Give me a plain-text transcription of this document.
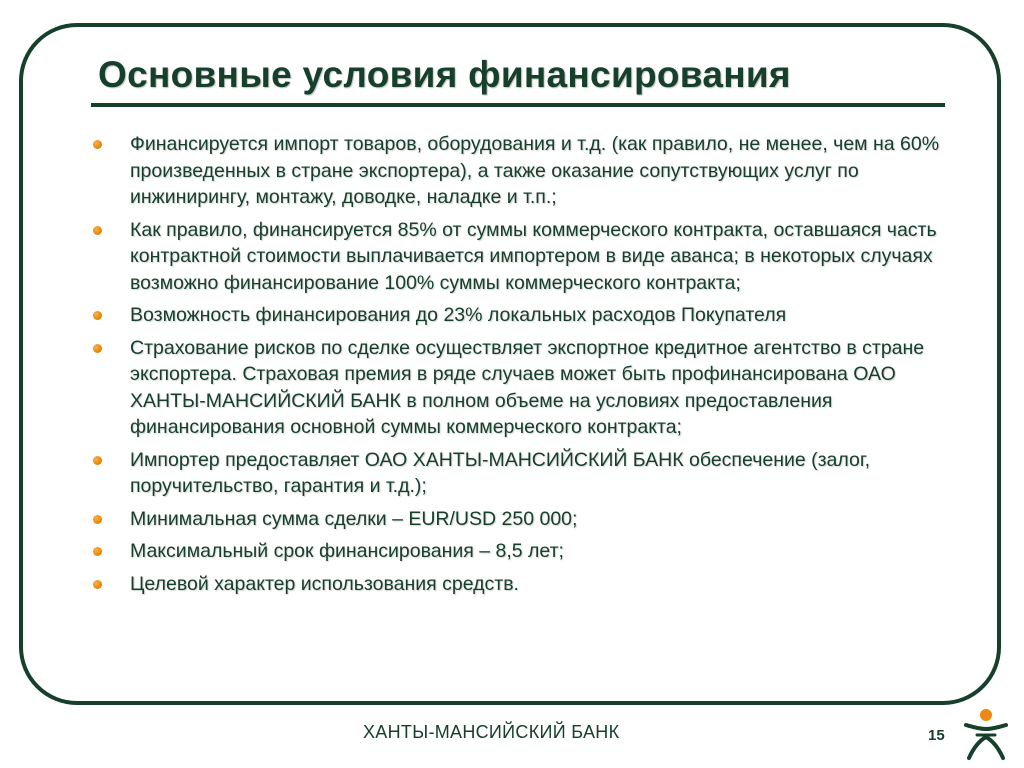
Основные условия финансирования
Финансируется импорт товаров, оборудования и т.д. (как правило, не менее, чем на 60% произведенных в стране экспортера), а также оказание сопутствующих услуг по инжинирингу, монтажу, доводке, наладке и т.п.;
Как правило, финансируется 85% от суммы коммерческого контракта, оставшаяся часть контрактной стоимости выплачивается импортером в виде аванса; в некоторых случаях возможно финансирование 100% суммы коммерческого контракта;
Возможность финансирования до 23% локальных расходов Покупателя
Страхование рисков по сделке осуществляет экспортное кредитное агентство в стране экспортера. Страховая премия в ряде случаев может быть профинансирована ОАО ХАНТЫ-МАНСИЙСКИЙ БАНК в полном объеме на условиях предоставления финансирования основной суммы коммерческого контракта;
Импортер предоставляет ОАО ХАНТЫ-МАНСИЙСКИЙ БАНК обеспечение (залог, поручительство, гарантия и т.д.);
Минимальная сумма сделки – EUR/USD 250 000;
Максимальный срок финансирования – 8,5 лет;
Целевой характер использования средств.
ХАНТЫ-МАНСИЙСКИЙ БАНК	15
